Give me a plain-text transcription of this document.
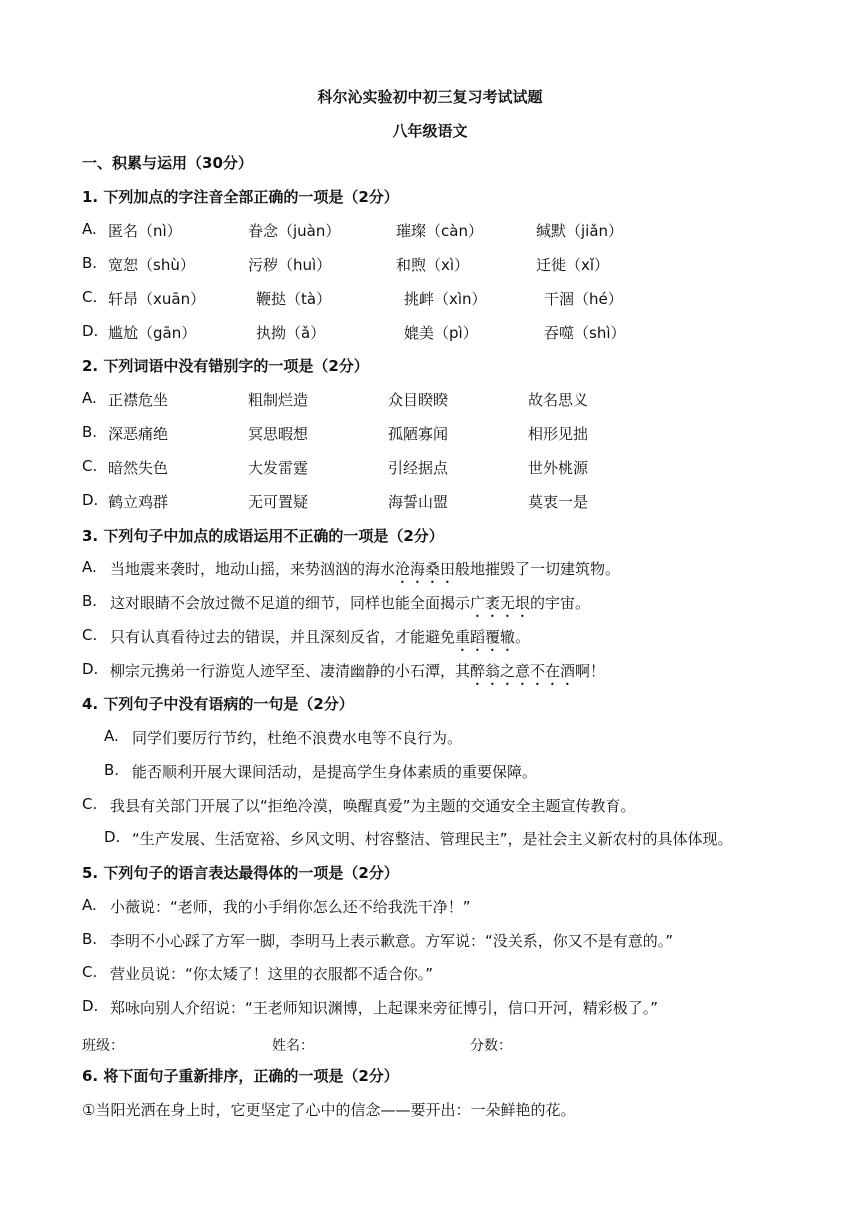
科尔沁实验初中初三复习考试试题
八年级语文
一、积累与运用（30分）
1. 下列加点的字注音全部正确的一项是（2分）
A. 匿名（nì）	眷念（juàn）	璀璨（càn）	缄默（jiǎn）
B. 宽恕（shù）	污秽（huì）	和煦（xì）	迁徙（xǐ）
C. 轩昂（xuān）	鞭挞（tà）	挑衅（xìn）	干涸（hé）
D. 尴尬（gān）	执拗（ǎ）	媲美（pì）	吞噬（shì）
2. 下列词语中没有错别字的一项是（2分）
A. 正襟危坐	粗制烂造	众目睽睽	故名思义
B. 深恶痛绝	冥思暇想	孤陋寡闻	相形见拙
C. 暗然失色	大发雷霆	引经据点	世外桃源
D. 鹤立鸡群	无可置疑	海誓山盟	莫衷一是
3. 下列句子中加点的成语运用不正确的一项是（2分）
A. 当地震来袭时，地动山摇，来势汹汹的海水沧海桑田般地摧毁了一切建筑物。
B. 这对眼睛不会放过微不足道的细节，同样也能全面揭示广袤无垠的宇宙。
C. 只有认真看待过去的错误，并且深刻反省，才能避免重蹈覆辙。
D. 柳宗元携弟一行游览人迹罕至、凄清幽静的小石潭，其醉翁之意不在酒啊！
4. 下列句子中没有语病的一句是（2分）
A. 同学们要厉行节约，杜绝不浪费水电等不良行为。
B. 能否顺利开展大课间活动，是提高学生身体素质的重要保障。
C. 我县有关部门开展了以“拒绝冷漠，唤醒真爱”为主题的交通安全主题宣传教育。
D. “生产发展、生活宽裕、乡风文明、村容整洁、管理民主”，是社会主义新农村的具体体现。
5. 下列句子的语言表达最得体的一项是（2分）
A. 小薇说：“老师，我的小手绢你怎么还不给我洗干净！”
B. 李明不小心踩了方军一脚，李明马上表示歉意。方军说：“没关系，你又不是有意的。”
C. 营业员说：“你太矮了！这里的衣服都不适合你。”
D. 郑咏向别人介绍说：“王老师知识渊博，上起课来旁征博引，信口开河，精彩极了。”
班级：	姓名：	分数：
6. 将下面句子重新排序，正确的一项是（2分）
①当阳光洒在身上时，它更坚定了心中的信念——要开出：一朵鲜艳的花。
